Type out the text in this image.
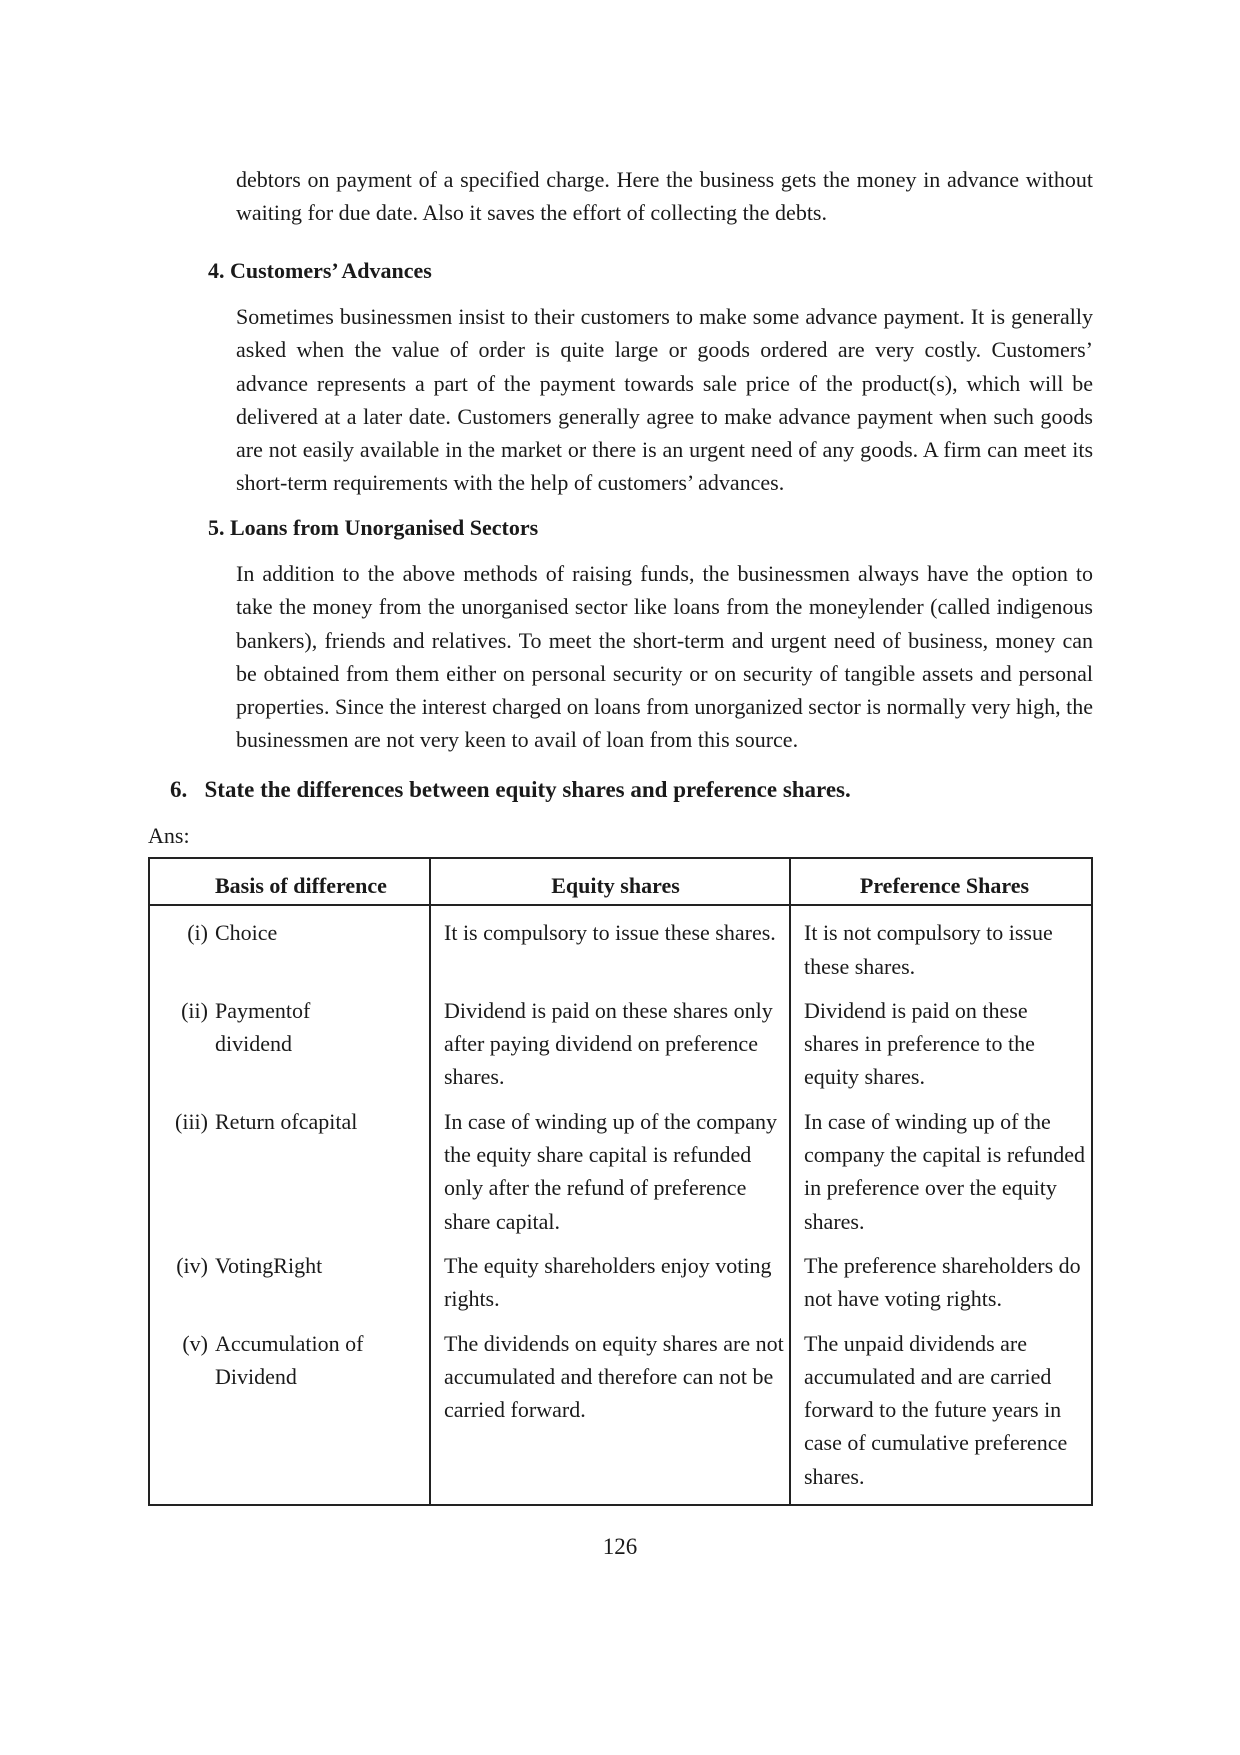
debtors on payment of a specified charge. Here the business gets the money in advance without waiting for due date. Also it saves the effort of collecting the debts.

4. Customers’ Advances

Sometimes businessmen insist to their customers to make some advance payment. It is generally asked when the value of order is quite large or goods ordered are very costly. Customers’ advance represents a part of the payment towards sale price of the product(s), which will be delivered at a later date. Customers generally agree to make advance payment when such goods are not easily available in the market or there is an urgent need of any goods. A firm can meet its short-term requirements with the help of customers’ advances.

5. Loans from Unorganised Sectors

In addition to the above methods of raising funds, the businessmen always have the option to take the money from the unorganised sector like loans from the moneylender (called indigenous bankers), friends and relatives. To meet the short-term and urgent need of business, money can be obtained from them either on personal security or on security of tangible assets and personal properties. Since the interest charged on loans from unorganized sector is normally very high, the businessmen are not very keen to avail of loan from this source.

6.   State the differences between equity shares and preference shares.
Ans:
	Basis of difference	Equity shares	Preference Shares
(i)	Choice	It is compulsory to issue these shares.	It is not compulsory to issue these shares.
(ii)	Paymentof dividend	Dividend is paid on these shares only after paying dividend on preference shares.	Dividend is paid on these shares in preference to the equity shares.
(iii)	Return ofcapital	In case of winding up of the company the equity share capital is refunded only after the refund of preference share capital.	In case of winding up of the company the capital is refunded in preference over the equity shares.
(iv)	VotingRight	The equity shareholders enjoy voting rights.	The preference shareholders do not have voting rights.
(v)	Accumulation of Dividend	The dividends on equity shares are not accumulated and therefore can not be carried forward.	The unpaid dividends are accumulated and are carried forward to the future years in case of cumulative preference shares.
126
